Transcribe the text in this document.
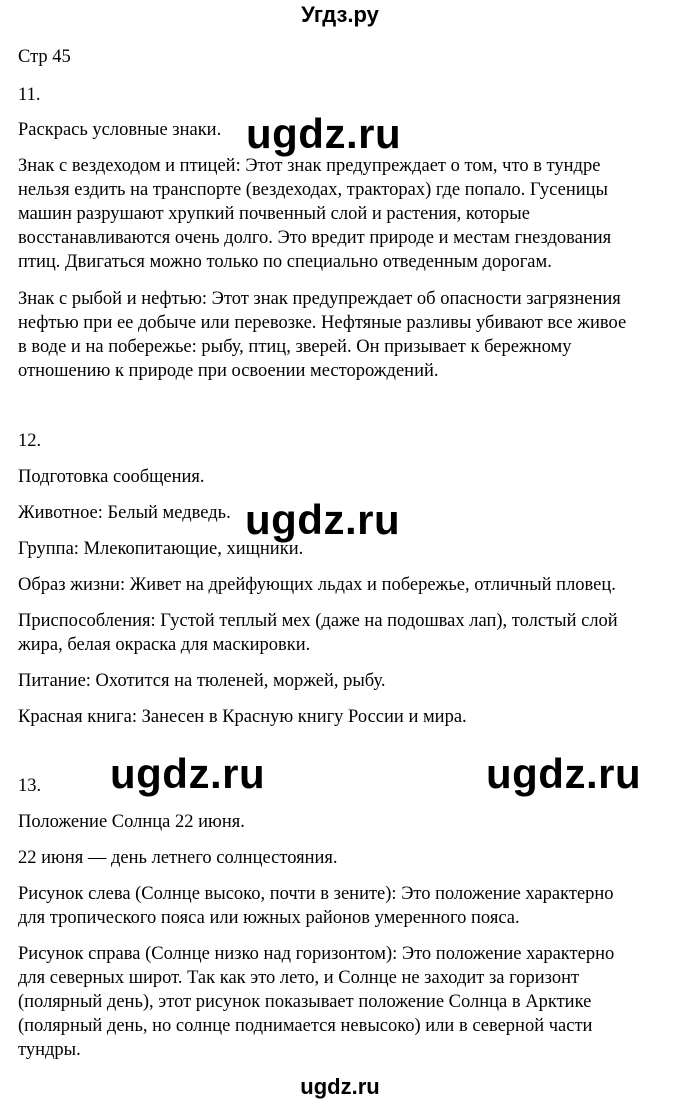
Угдз.ру
Стр 45
11.
Раскрась условные знаки.
Знак с вездеходом и птицей: Этот знак предупреждает о том, что в тундре
нельзя ездить на транспорте (вездеходах, тракторах) где попало. Гусеницы
машин разрушают хрупкий почвенный слой и растения, которые
восстанавливаются очень долго. Это вредит природе и местам гнездования
птиц. Двигаться можно только по специально отведенным дорогам.
Знак с рыбой и нефтью: Этот знак предупреждает об опасности загрязнения
нефтью при ее добыче или перевозке. Нефтяные разливы убивают все живое
в воде и на побережье: рыбу, птиц, зверей. Он призывает к бережному
отношению к природе при освоении месторождений.
12.
Подготовка сообщения.
Животное: Белый медведь.
Группа: Млекопитающие, хищники.
Образ жизни: Живет на дрейфующих льдах и побережье, отличный пловец.
Приспособления: Густой теплый мех (даже на подошвах лап), толстый слой
жира, белая окраска для маскировки.
Питание: Охотится на тюленей, моржей, рыбу.
Красная книга: Занесен в Красную книгу России и мира.
13.
Положение Солнца 22 июня.
22 июня — день летнего солнцестояния.
Рисунок слева (Солнце высоко, почти в зените): Это положение характерно
для тропического пояса или южных районов умеренного пояса.
Рисунок справа (Солнце низко над горизонтом): Это положение характерно
для северных широт. Так как это лето, и Солнце не заходит за горизонт
(полярный день), этот рисунок показывает положение Солнца в Арктике
(полярный день, но солнце поднимается невысоко) или в северной части
тундры.
ugdz.ru
ugdz.ru
ugdz.ru	ugdz.ru
ugdz.ru
